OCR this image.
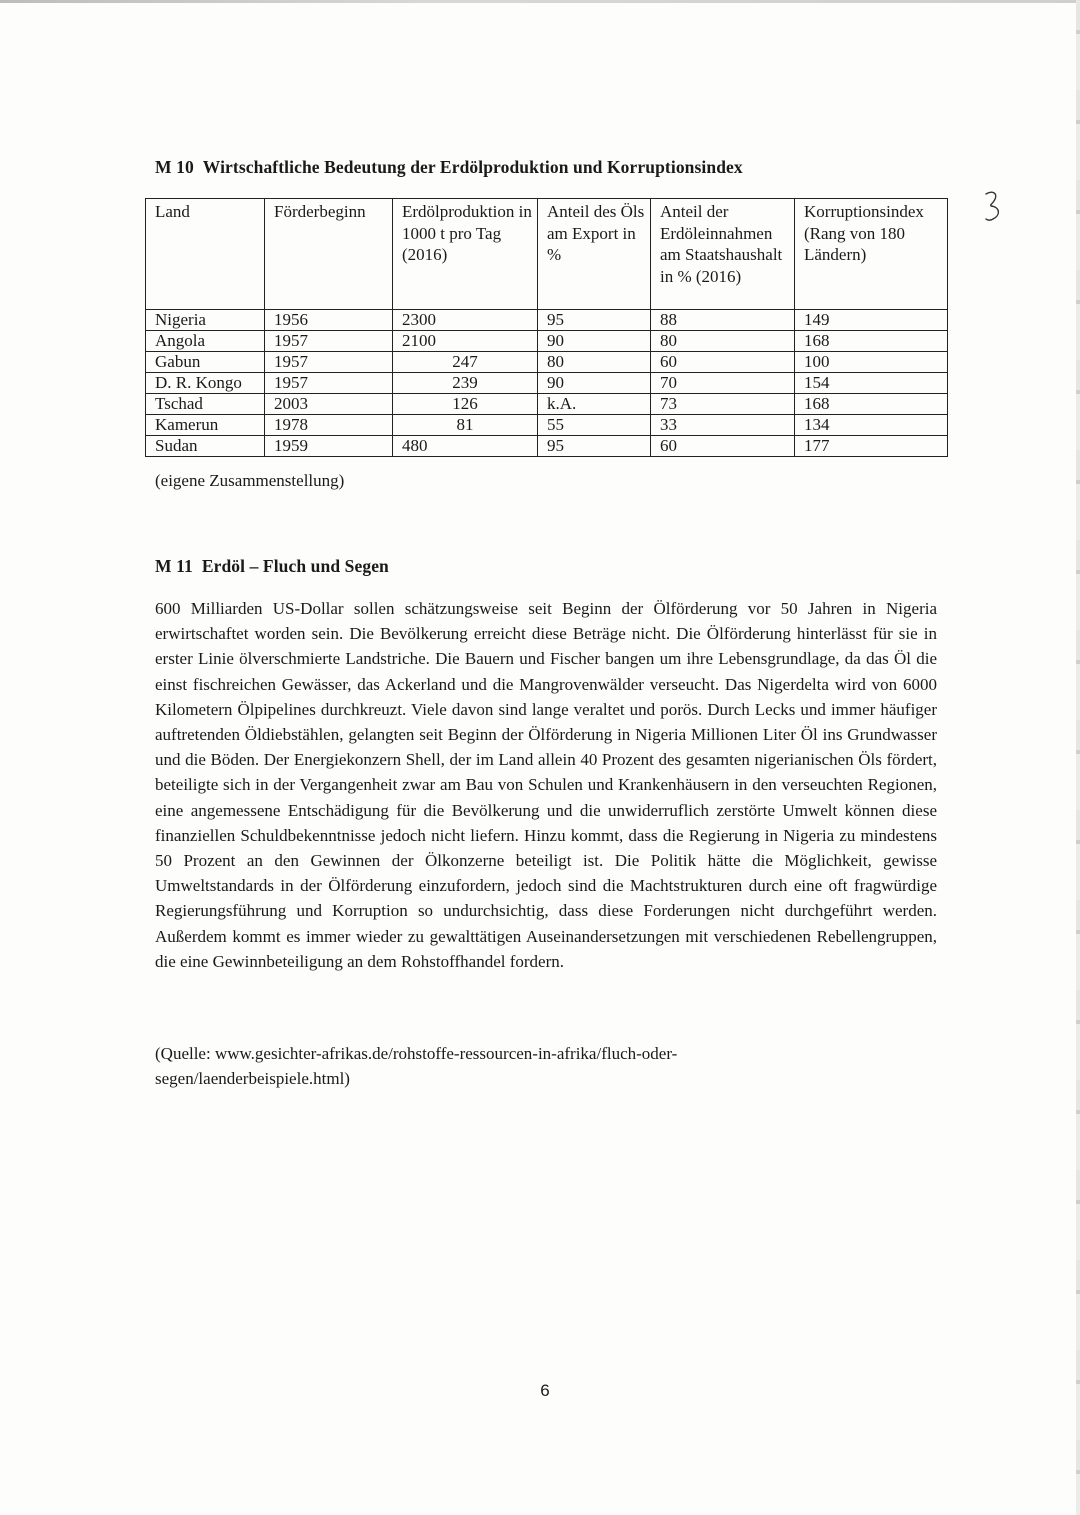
M 10 Wirtschaftliche Bedeutung der Erdölproduktion und Korruptionsindex
Land	Förderbeginn	Erdölproduktion in 1000 t pro Tag (2016)	Anteil des Öls am Export in %	Anteil der Erdöleinnahmen am Staatshaushalt in % (2016)	Korruptionsindex (Rang von 180 Ländern)
Nigeria	1956	2300	95	88	149
Angola	1957	2100	90	80	168
Gabun	1957	247	80	60	100
D. R. Kongo	1957	239	90	70	154
Tschad	2003	126	k.A.	73	168
Kamerun	1978	81	55	33	134
Sudan	1959	480	95	60	177
(eigene Zusammenstellung)
M 11 Erdöl – Fluch und Segen

600 Milliarden US-Dollar sollen schätzungsweise seit Beginn der Ölförderung vor 50 Jahren in Nigeria erwirtschaftet worden sein. Die Bevölkerung erreicht diese Beträge nicht. Die Ölförderung hinterlässt für sie in erster Linie ölverschmierte Landstriche. Die Bauern und Fischer bangen um ihre Lebensgrundlage, da das Öl die einst fischreichen Gewässer, das Ackerland und die Mangrovenwälder verseucht. Das Nigerdelta wird von 6000 Kilometern Ölpipelines durchkreuzt. Viele davon sind lange veraltet und porös. Durch Lecks und immer häufiger auftretenden Öldiebstählen, gelangten seit Beginn der Ölförderung in Nigeria Millionen Liter Öl ins Grundwasser und die Böden. Der Energiekonzern Shell, der im Land allein 40 Prozent des gesamten nigerianischen Öls fördert, beteiligte sich in der Vergangenheit zwar am Bau von Schulen und Krankenhäusern in den verseuchten Regionen, eine angemessene Entschädigung für die Bevölkerung und die unwiderruflich zerstörte Umwelt können diese finanziellen Schuldbekenntnisse jedoch nicht liefern. Hinzu kommt, dass die Regierung in Nigeria zu mindestens 50 Prozent an den Gewinnen der Ölkonzerne beteiligt ist. Die Politik hätte die Möglichkeit, gewisse Umweltstandards in der Ölförderung einzufordern, jedoch sind die Machtstrukturen durch eine oft fragwürdige Regierungsführung und Korruption so undurchsichtig, dass diese Forderungen nicht durchgeführt werden. Außerdem kommt es immer wieder zu gewalttätigen Auseinandersetzungen mit verschiedenen Rebellengruppen, die eine Gewinnbeteiligung an dem Rohstoffhandel fordern.

(Quelle: www.gesichter-afrikas.de/rohstoffe-ressourcen-in-afrika/fluch-oder-segen/laenderbeispiele.html)

6
